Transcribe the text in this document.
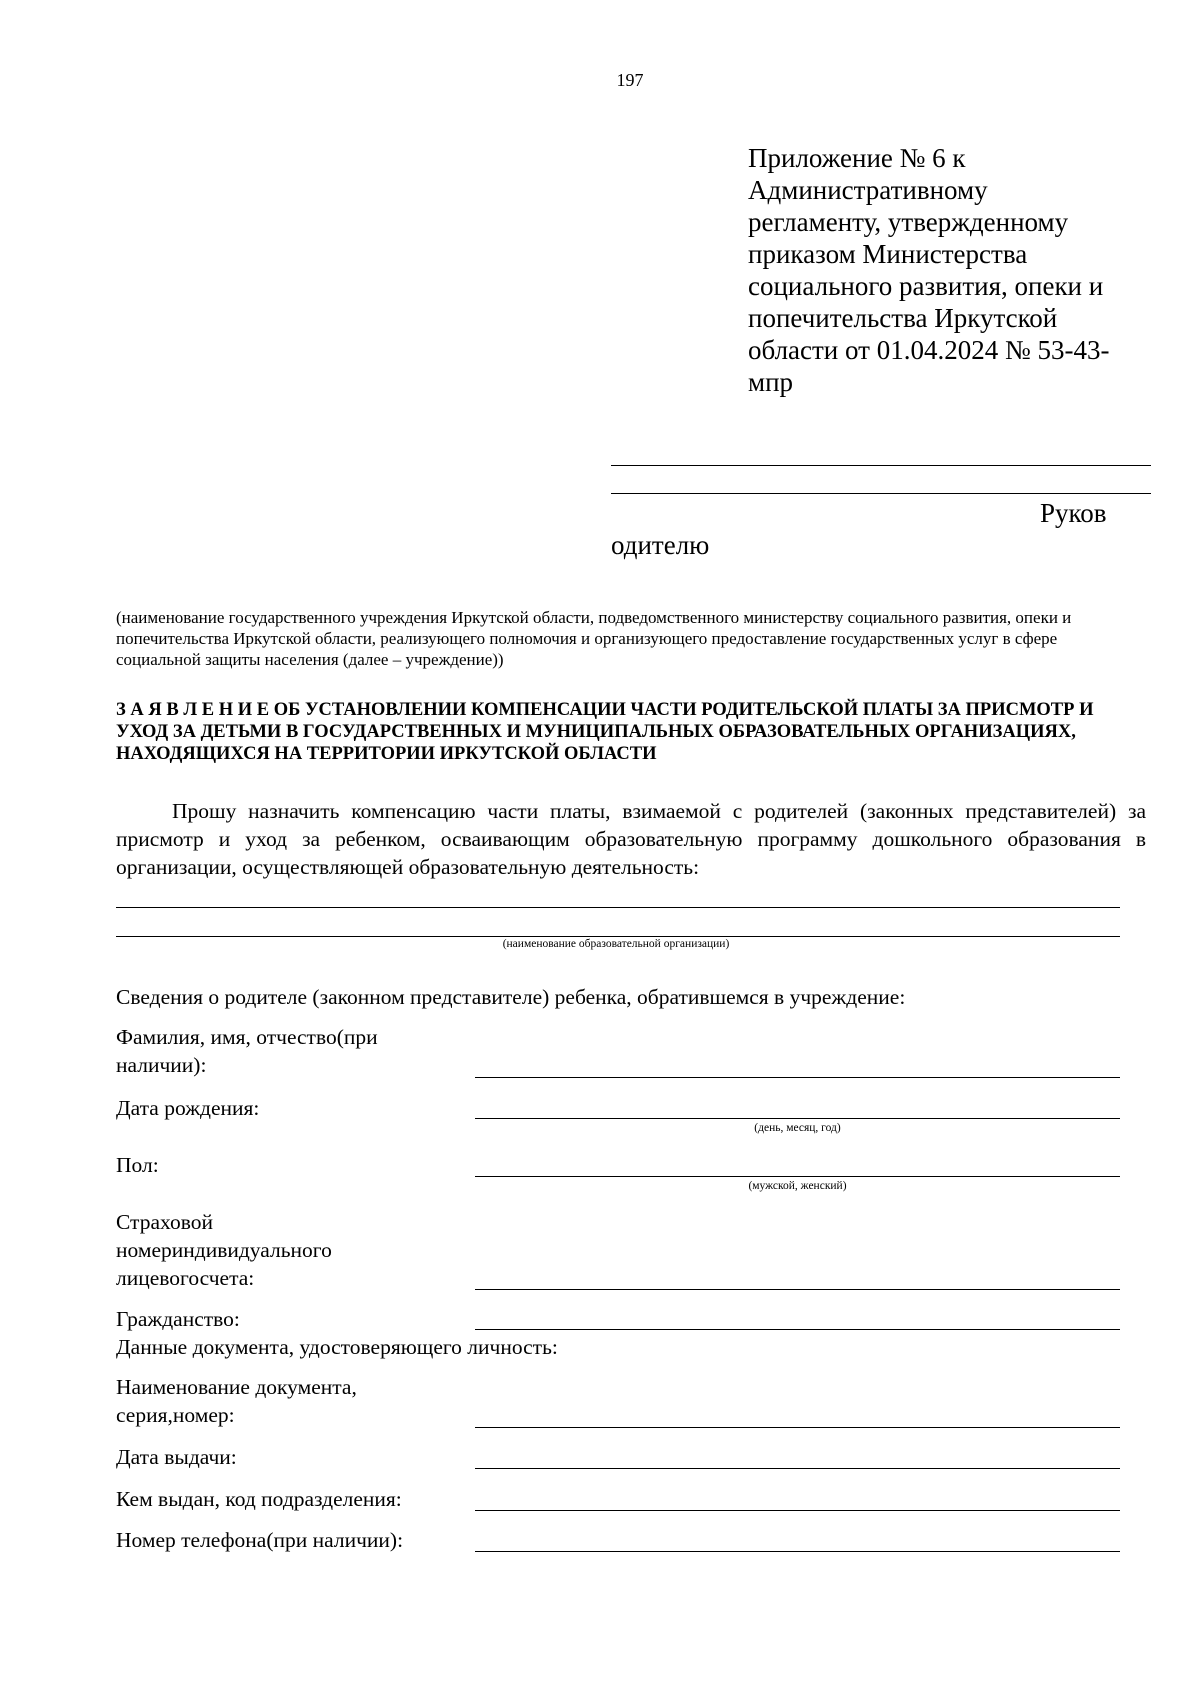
197
Приложение № 6 к
Административному
регламенту, утвержденному
приказом Министерства
социального развития, опеки и
попечительства Иркутской
области от 01.04.2024 № 53-43-
мпр
Руков
одителю
(наименование государственного учреждения Иркутской области, подведомственного министерству социального развития, опеки и попечительства Иркутской области, реализующего полномочия и организующего предоставление государственных услуг в сфере социальной защиты населения (далее – учреждение))
З А Я В Л Е Н И Е ОБ УСТАНОВЛЕНИИ КОМПЕНСАЦИИ ЧАСТИ РОДИТЕЛЬСКОЙ ПЛАТЫ ЗА ПРИСМОТР И УХОД ЗА ДЕТЬМИ В ГОСУДАРСТВЕННЫХ И МУНИЦИПАЛЬНЫХ ОБРАЗОВАТЕЛЬНЫХ ОРГАНИЗАЦИЯХ, НАХОДЯЩИХСЯ НА ТЕРРИТОРИИ ИРКУТСКОЙ ОБЛАСТИ
Прошу назначить компенсацию части платы, взимаемой с родителей (законных представителей) за присмотр и уход за ребенком, осваивающим образовательную программу дошкольного образования в организации, осуществляющей образовательную деятельность:
(наименование образовательной организации)
Сведения о родителе (законном представителе) ребенка, обратившемся в учреждение:
Фамилия, имя, отчество(при
наличии):
Дата рождения:
(день, месяц, год)
Пол:
(мужской, женский)
Страховой
номериндивидуального
лицевогосчета:
Гражданство:
Данные документа, удостоверяющего личность:
Наименование документа,
серия,номер:
Дата выдачи:
Кем выдан, код подразделения:
Номер телефона(при наличии):
